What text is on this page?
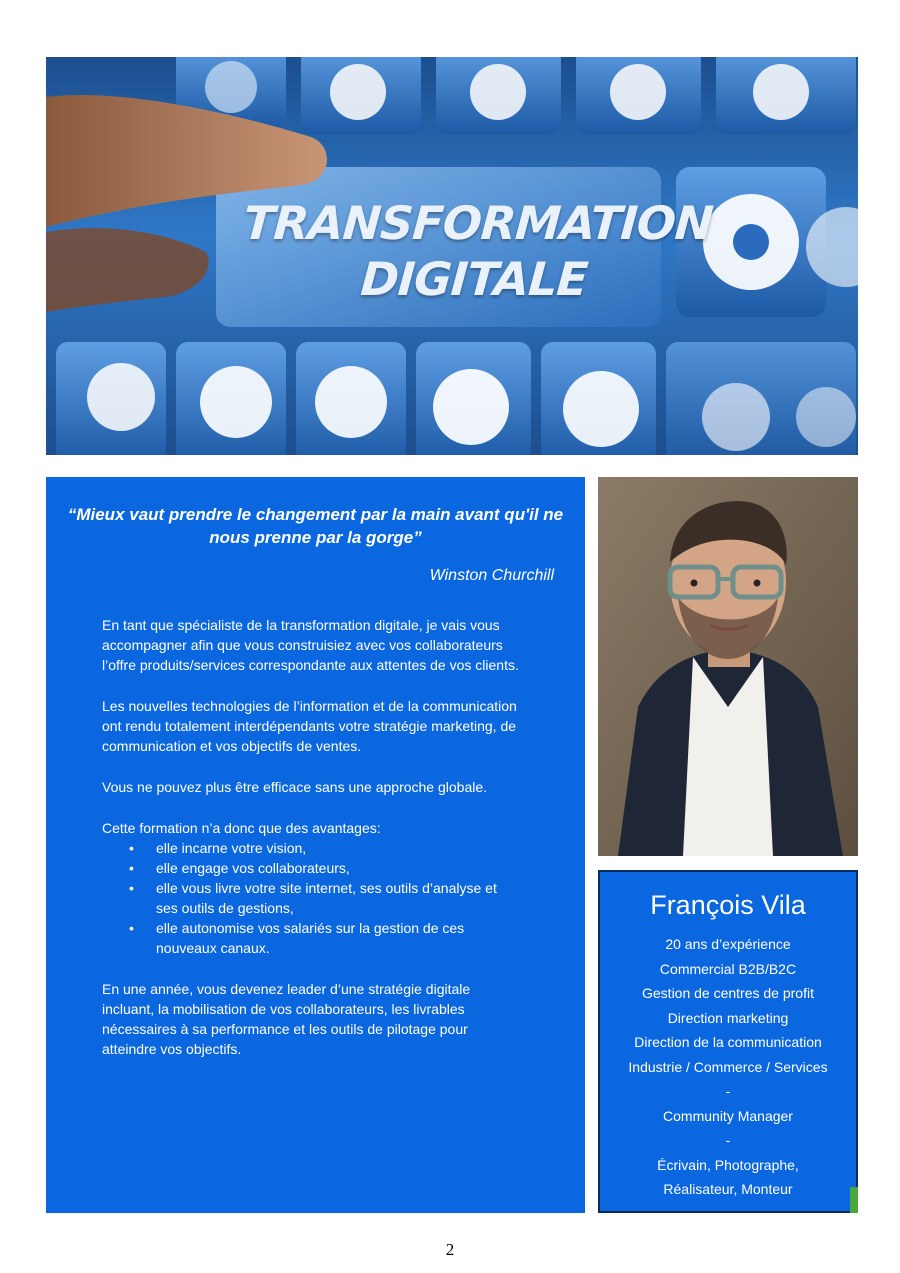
TRANSFORMATION
DIGITALE
“Mieux vaut prendre le changement par la main avant qu'il ne nous prenne par la gorge”
Winston Churchill

En tant que spécialiste de la transformation digitale, je vais vous accompagner afin que vous construisiez avec vos collaborateurs l’offre produits/services correspondante aux attentes de vos clients.

Les nouvelles technologies de l’information et de la communication ont rendu totalement interdépendants votre stratégie marketing, de communication et vos objectifs de ventes.

Vous ne pouvez plus être efficace sans une approche globale.

Cette formation n’a donc que des avantages:
• elle incarne votre vision,
• elle engage vos collaborateurs,
• elle vous livre votre site internet, ses outils d’analyse et ses outils de gestions,
• elle autonomise vos salariés sur la gestion de ces nouveaux canaux.

En une année, vous devenez leader d’une stratégie digitale incluant, la mobilisation de vos collaborateurs, les livrables nécessaires à sa performance et les outils de pilotage pour atteindre vos objectifs.

François Vila
20 ans d’expérience
Commercial B2B/B2C
Gestion de centres de profit
Direction marketing
Direction de la communication
Industrie / Commerce / Services
-
Community Manager
-
Écrivain, Photographe,
Réalisateur, Monteur
2
